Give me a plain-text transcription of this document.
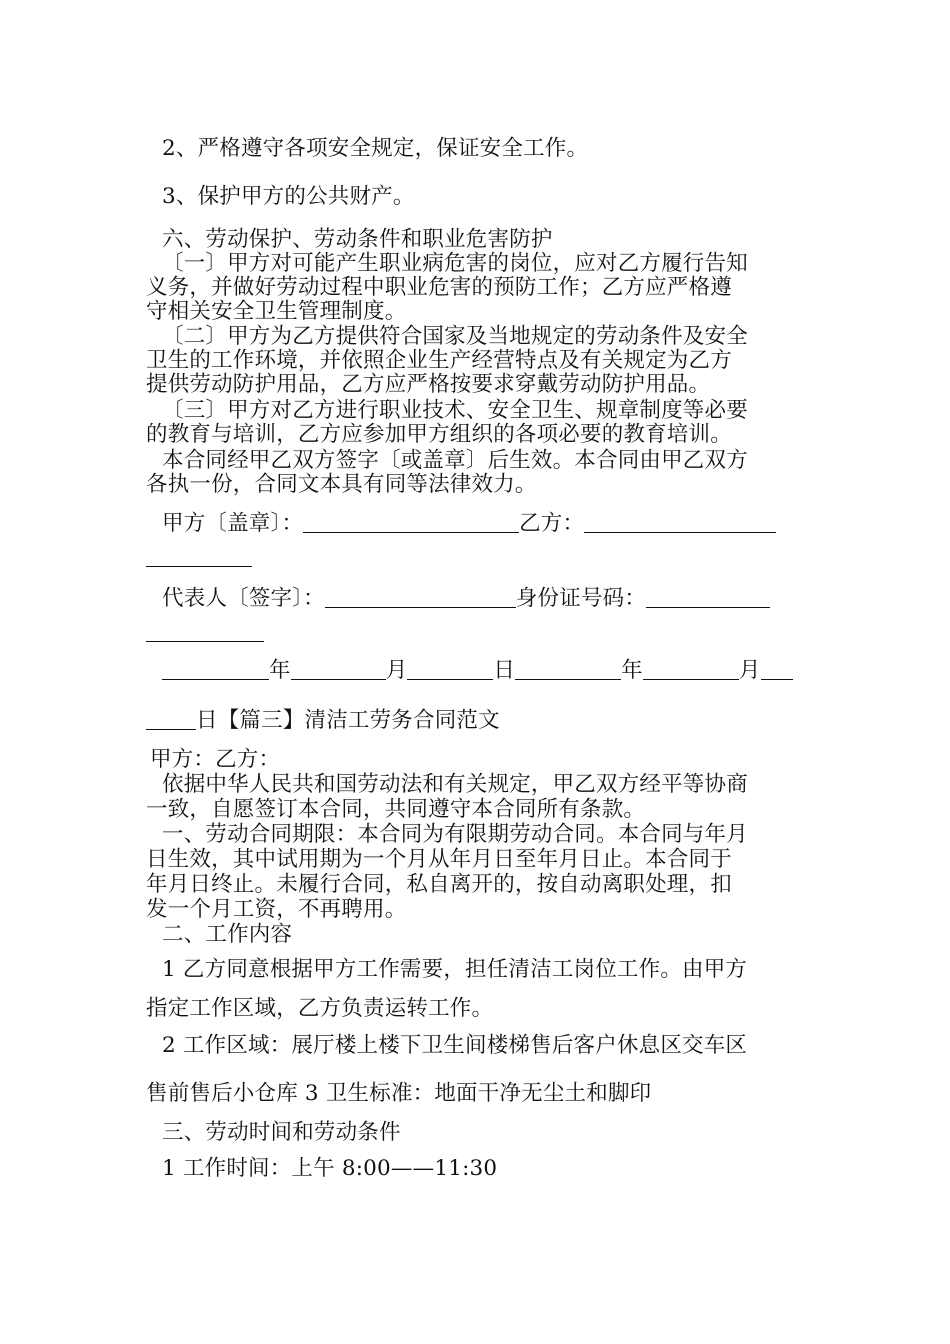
2、严格遵守各项安全规定，保证安全工作。
3、保护甲方的公共财产。
六、劳动保护、劳动条件和职业危害防护
〔一〕甲方对可能产生职业病危害的岗位，应对乙方履行告知
义务，并做好劳动过程中职业危害的预防工作；乙方应严格遵
守相关安全卫生管理制度。
〔二〕甲方为乙方提供符合国家及当地规定的劳动条件及安全
卫生的工作环境，并依照企业生产经营特点及有关规定为乙方
提供劳动防护用品，乙方应严格按要求穿戴劳动防护用品。
〔三〕甲方对乙方进行职业技术、安全卫生、规章制度等必要
的教育与培训，乙方应参加甲方组织的各项必要的教育培训。
本合同经甲乙双方签字〔或盖章〕后生效。本合同由甲乙双方
各执一份，合同文本具有同等法律效力。
甲方〔盖章〕：	乙方：
代表人〔签字〕：	身份证号码：
年	月	日	年	月
日【篇三】清洁工劳务合同范文
甲方：乙方：
依据中华人民共和国劳动法和有关规定，甲乙双方经平等协商
一致，自愿签订本合同，共同遵守本合同所有条款。
一、劳动合同期限：本合同为有限期劳动合同。本合同与年月
日生效，其中试用期为一个月从年月日至年月日止。本合同于
年月日终止。未履行合同，私自离开的，按自动离职处理，扣
发一个月工资，不再聘用。
二、工作内容
1 乙方同意根据甲方工作需要，担任清洁工岗位工作。由甲方
指定工作区域，乙方负责运转工作。
2 工作区域：展厅楼上楼下卫生间楼梯售后客户休息区交车区
售前售后小仓库 3 卫生标准：地面干净无尘土和脚印
三、劳动时间和劳动条件
1 工作时间：上午 8:00——11:30
